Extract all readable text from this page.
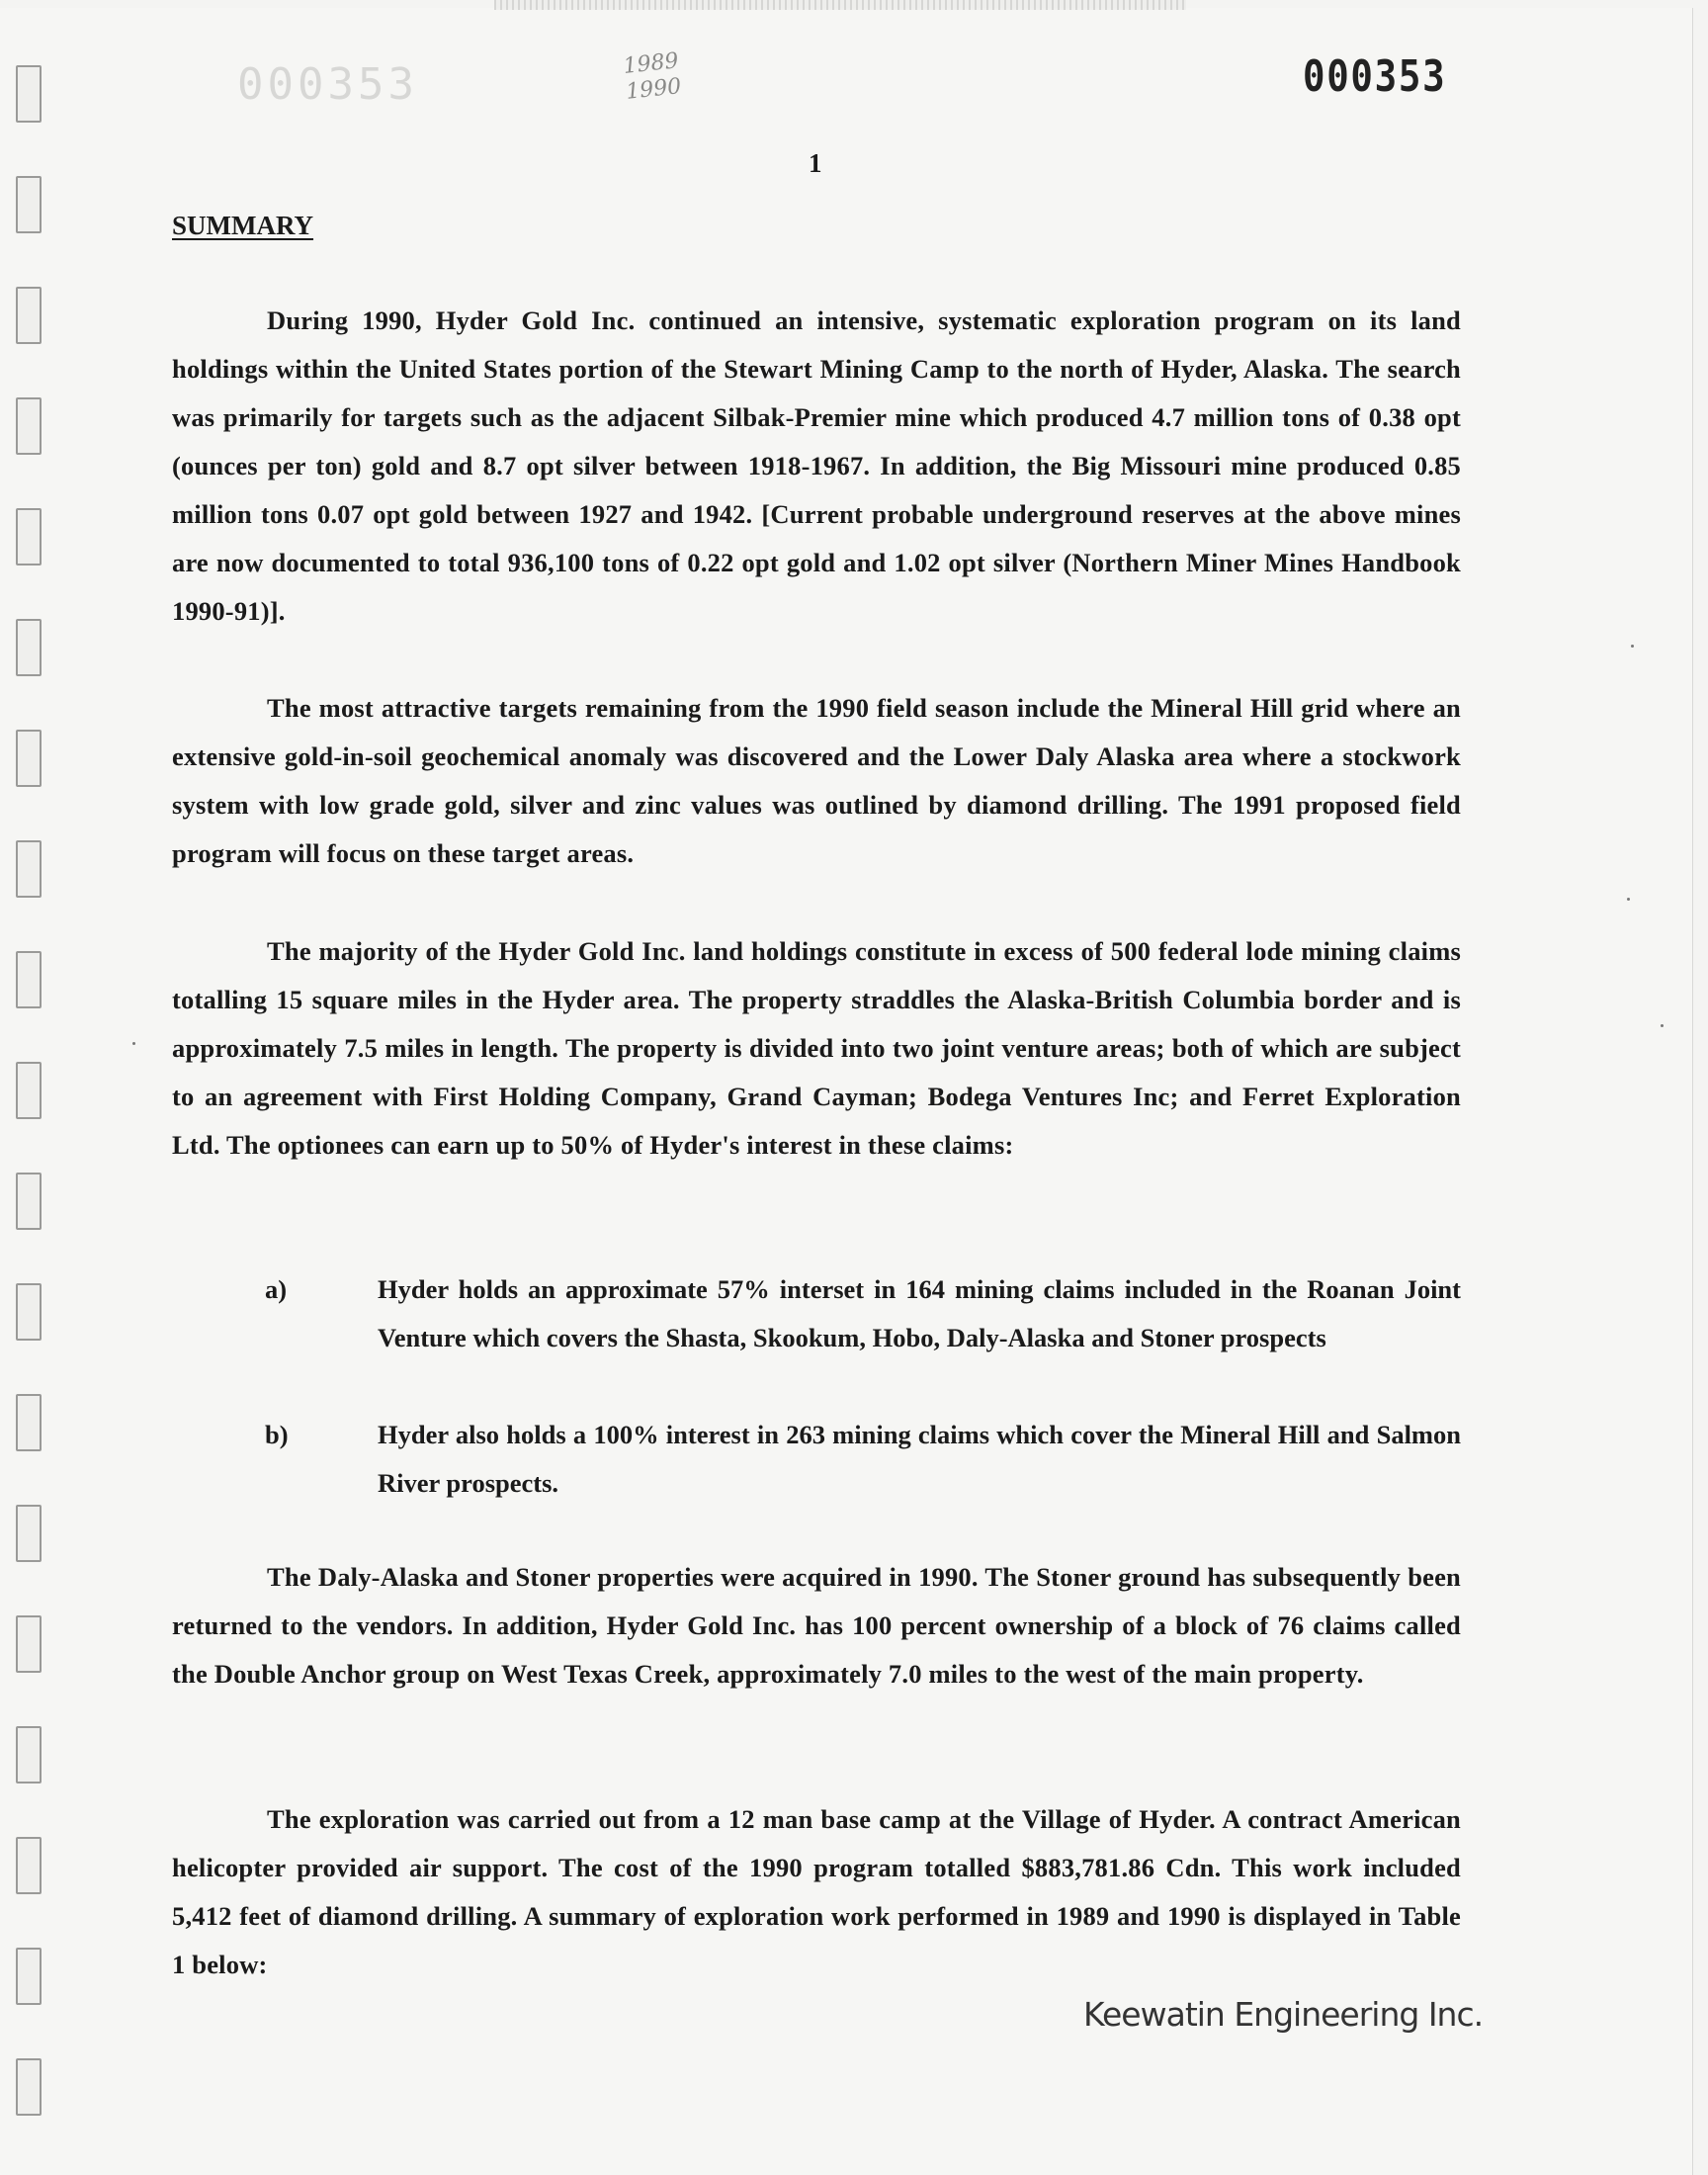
000353	1989
1990	000353
1
SUMMARY
During 1990, Hyder Gold Inc. continued an intensive, systematic exploration program on its land holdings within the United States portion of the Stewart Mining Camp to the north of Hyder, Alaska. The search was primarily for targets such as the adjacent Silbak-Premier mine which produced 4.7 million tons of 0.38 opt (ounces per ton) gold and 8.7 opt silver between 1918-1967. In addition, the Big Missouri mine produced 0.85 million tons 0.07 opt gold between 1927 and 1942. [Current probable underground reserves at the above mines are now documented to total 936,100 tons of 0.22 opt gold and 1.02 opt silver (Northern Miner Mines Handbook 1990-91)].
The most attractive targets remaining from the 1990 field season include the Mineral Hill grid where an extensive gold-in-soil geochemical anomaly was discovered and the Lower Daly Alaska area where a stockwork system with low grade gold, silver and zinc values was outlined by diamond drilling. The 1991 proposed field program will focus on these target areas.
The majority of the Hyder Gold Inc. land holdings constitute in excess of 500 federal lode mining claims totalling 15 square miles in the Hyder area. The property straddles the Alaska-British Columbia border and is approximately 7.5 miles in length. The property is divided into two joint venture areas; both of which are subject to an agreement with First Holding Company, Grand Cayman; Bodega Ventures Inc; and Ferret Exploration Ltd. The optionees can earn up to 50% of Hyder's interest in these claims:
a)	Hyder holds an approximate 57% interset in 164 mining claims included in the Roanan Joint Venture which covers the Shasta, Skookum, Hobo, Daly-Alaska and Stoner prospects
b)	Hyder also holds a 100% interest in 263 mining claims which cover the Mineral Hill and Salmon River prospects.
The Daly-Alaska and Stoner properties were acquired in 1990. The Stoner ground has subsequently been returned to the vendors. In addition, Hyder Gold Inc. has 100 percent ownership of a block of 76 claims called the Double Anchor group on West Texas Creek, approximately 7.0 miles to the west of the main property.
The exploration was carried out from a 12 man base camp at the Village of Hyder. A contract American helicopter provided air support. The cost of the 1990 program totalled $883,781.86 Cdn. This work included 5,412 feet of diamond drilling. A summary of exploration work performed in 1989 and 1990 is displayed in Table 1 below:
Keewatin Engineering Inc.
